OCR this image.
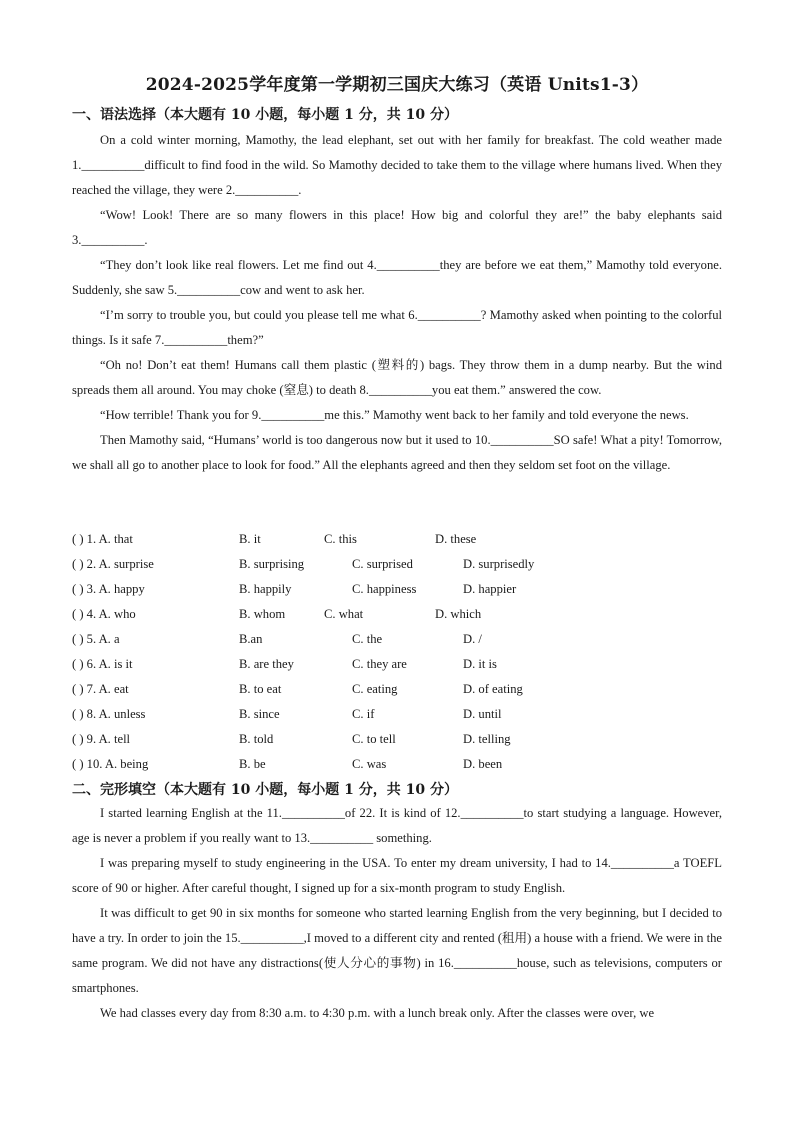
2024-2025学年度第一学期初三国庆大练习（英语 Units1-3）
一、语法选择（本大题有 10 小题，每小题 1 分，共 10 分）
On a cold winter morning, Mamothy, the lead elephant, set out with her family for breakfast. The cold weather made 1.__________difficult to find food in the wild. So Mamothy decided to take them to the village where humans lived. When they reached the village, they were 2.__________.
“Wow! Look! There are so many flowers in this place! How big and colorful they are!” the baby elephants said 3.__________.
“They don’t look like real flowers. Let me find out 4.__________they are before we eat them,” Mamothy told everyone. Suddenly, she saw 5.__________cow and went to ask her.
“I’m sorry to trouble you, but could you please tell me what 6.__________? Mamothy asked when pointing to the colorful things. Is it safe 7.__________them?”
“Oh no! Don’t eat them! Humans call them plastic (塑料的) bags. They throw them in a dump nearby. But the wind spreads them all around. You may choke (窒息) to death 8.__________you eat them.” answered the cow.
“How terrible! Thank you for 9.__________me this.” Mamothy went back to her family and told everyone the news.
Then Mamothy said, “Humans’ world is too dangerous now but it used to 10.__________SO safe! What a pity! Tomorrow, we shall all go to another place to look for food.” All the elephants agreed and then they seldom set foot on the village.
( ) 1. A. that	B. it	C. this	D. these
( ) 2. A. surprise	B. surprising	C. surprised	D. surprisedly
( ) 3. A. happy	B. happily	C. happiness	D. happier
( ) 4. A. who	B. whom	C. what	D. which
( ) 5. A. a	B.an	C. the	D. /
( ) 6. A. is it	B. are they	C. they are	D. it is
( ) 7. A. eat	B. to eat	C. eating	D. of eating
( ) 8. A. unless	B. since	C. if	D. until
( ) 9. A. tell	B. told	C. to tell	D. telling
( ) 10. A. being	B. be	C. was	D. been
二、完形填空（本大题有 10 小题，每小题 1 分，共 10 分）
I started learning English at the 11.__________of 22. It is kind of 12.__________to start studying a language. However, age is never a problem if you really want to 13.__________ something.
I was preparing myself to study engineering in the USA. To enter my dream university, I had to 14.__________a TOEFL score of 90 or higher. After careful thought, I signed up for a six-month program to study English.
It was difficult to get 90 in six months for someone who started learning English from the very beginning, but I decided to have a try. In order to join the 15.__________,I moved to a different city and rented (租用) a house with a friend. We were in the same program. We did not have any distractions(使人分心的事物) in 16.__________house, such as televisions, computers or smartphones.
We had classes every day from 8:30 a.m. to 4:30 p.m. with a lunch break only. After the classes were over, we
